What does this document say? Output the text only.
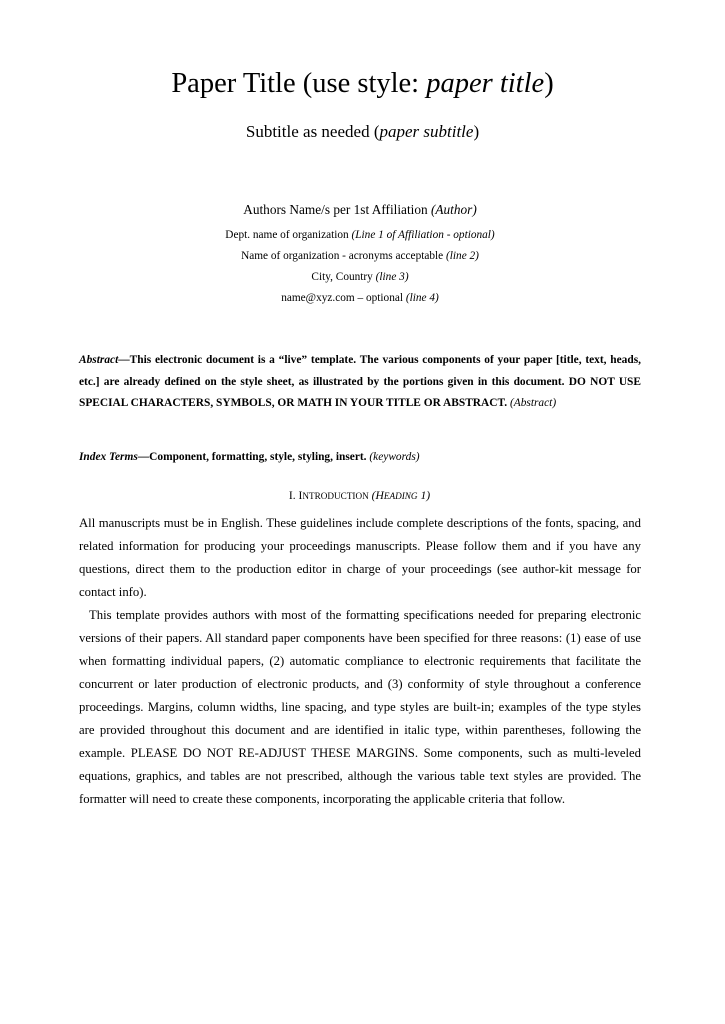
Paper Title (use style: paper title)
Subtitle as needed (paper subtitle)
Authors Name/s per 1st Affiliation (Author)
Dept. name of organization (Line 1 of Affiliation - optional)
Name of organization - acronyms acceptable (line 2)
City, Country (line 3)
name@xyz.com – optional (line 4)
Abstract—This electronic document is a “live” template. The various components of your paper [title, text, heads, etc.] are already defined on the style sheet, as illustrated by the portions given in this document. DO NOT USE SPECIAL CHARACTERS, SYMBOLS, OR MATH IN YOUR TITLE OR ABSTRACT. (Abstract)
Index Terms—Component, formatting, style, styling, insert. (keywords)
I. INTRODUCTION (HEADING 1)
All manuscripts must be in English. These guidelines include complete descriptions of the fonts, spacing, and related information for producing your proceedings manuscripts. Please follow them and if you have any questions, direct them to the production editor in charge of your proceedings (see author-kit message for contact info).
This template provides authors with most of the formatting specifications needed for preparing electronic versions of their papers. All standard paper components have been specified for three reasons: (1) ease of use when formatting individual papers, (2) automatic compliance to electronic requirements that facilitate the concurrent or later production of electronic products, and (3) conformity of style throughout a conference proceedings. Margins, column widths, line spacing, and type styles are built-in; examples of the type styles are provided throughout this document and are identified in italic type, within parentheses, following the example. PLEASE DO NOT RE-ADJUST THESE MARGINS. Some components, such as multi-leveled equations, graphics, and tables are not prescribed, although the various table text styles are provided. The formatter will need to create these components, incorporating the applicable criteria that follow.
